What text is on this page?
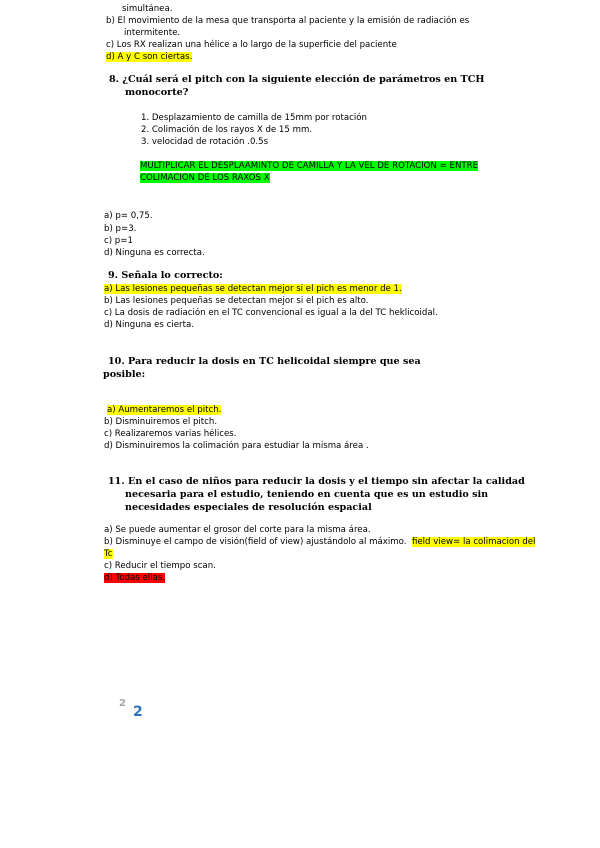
simultánea.
b) El movimiento de la mesa que transporta al paciente y la emisión de radiación es
intermitente.
c) Los RX realizan una hélice a lo largo de la superficie del paciente
d) A y C son ciertas.
8. ¿Cuál será el pitch con la siguiente elección de parámetros en TCH
monocorte?
1. Desplazamiento de camilla de 15mm por rotación
2. Colimación de los rayos X de 15 mm.
3. velocidad de rotación .0.5s
MULTIPLICAR EL DESPLAAMINTO DE CAMILLA Y LA VEL DE ROTACION = ENTRE
COLIMACION DE LOS RAXOS X
a) p= 0,75.
b) p=3.
c) p=1
d) Ninguna es correcta.
9. Señala lo correcto:
a) Las lesiones pequeñas se detectan mejor si el pich es menor de 1.
b) Las lesiones pequeñas se detectan mejor si el pich es alto.
c) La dosis de radiación en el TC convencional es igual a la del TC heklicoidal.
d) Ninguna es cierta.
10. Para reducir la dosis en TC helicoidal siempre que sea
posible:
a) Aumentaremos el pitch.
b) Disminuiremos el pitch.
c) Realizaremos varias hélices.
d) Disminuiremos la colimación para estudiar la misma área .
11. En el caso de niños para reducir la dosis y el tiempo sin afectar la calidad
necesaria para el estudio, teniendo en cuenta que es un estudio sin
necesidades especiales de resolución espacial
a) Se puede aumentar el grosor del corte para la misma área.
b) Disminuye el campo de visión(field of view) ajustándolo al máximo. field view= la colimacion del
Tc
c) Reducir el tiempo scan.
d) Todas ellas.
2
2
